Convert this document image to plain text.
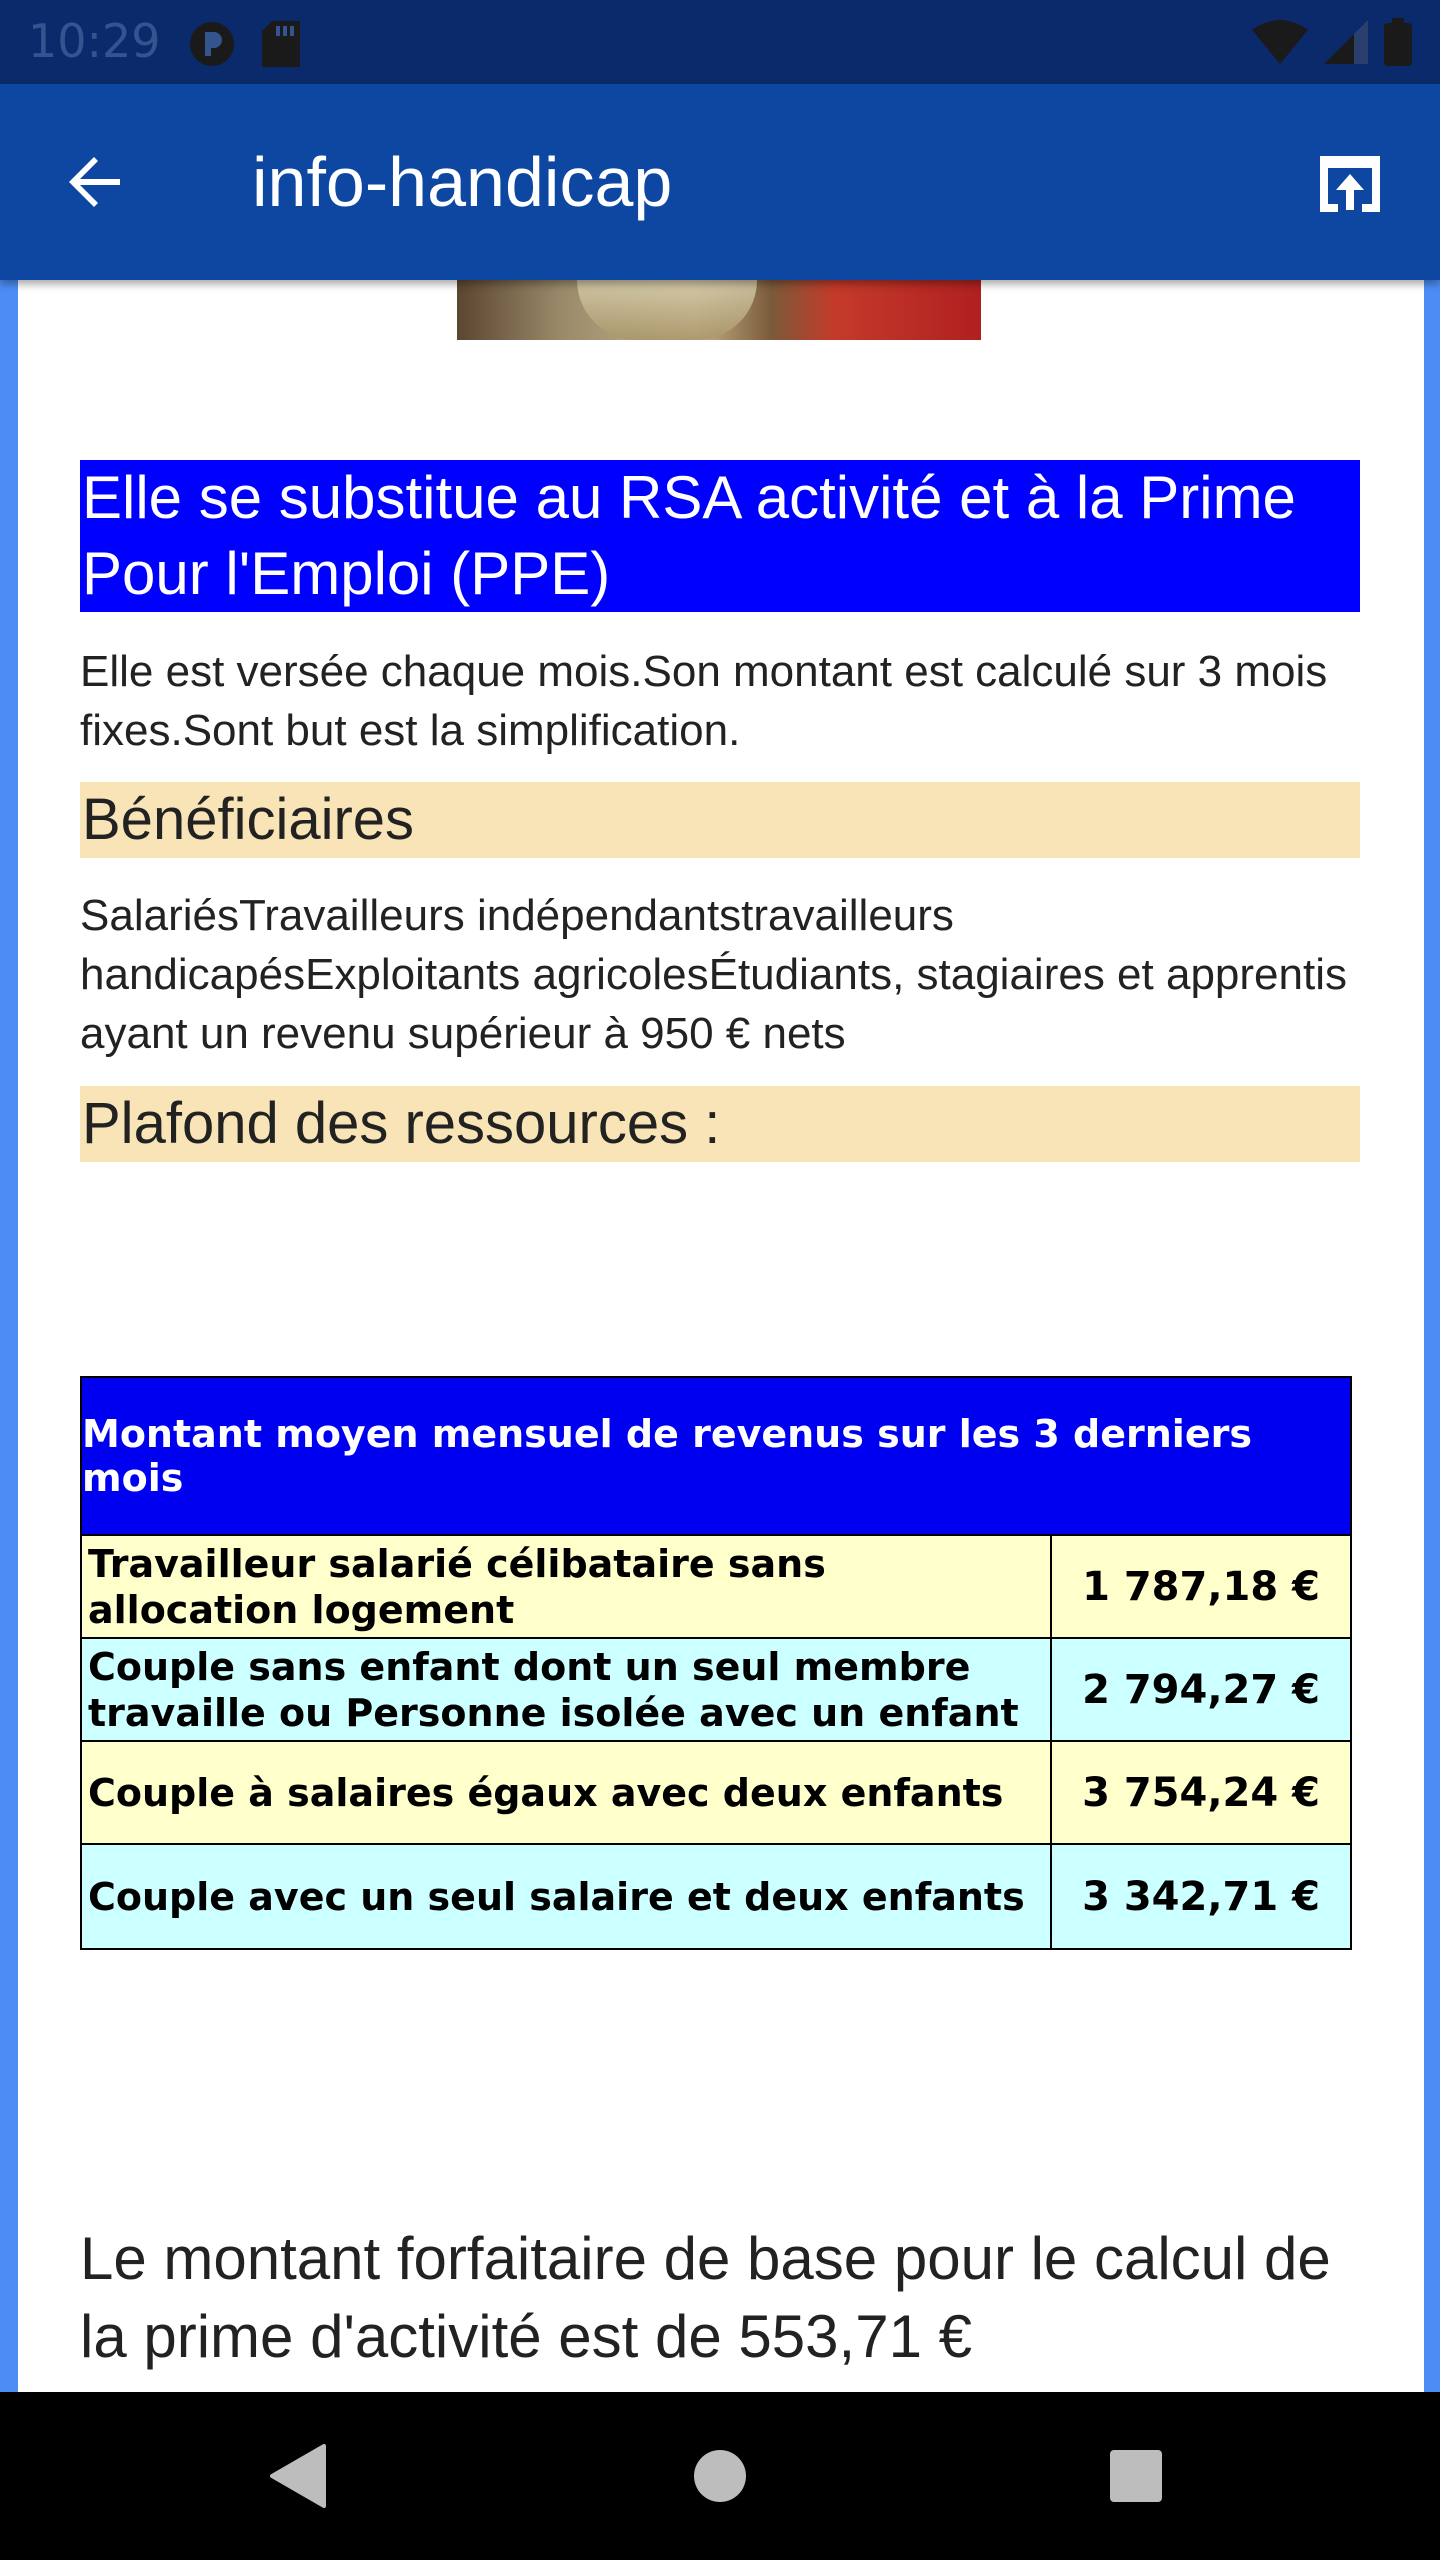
10:29
info-handicap
Elle se substitue au RSA activité et à la Prime Pour l'Emploi (PPE)
Elle est versée chaque mois.Son montant est calculé sur 3 mois fixes.Sont but est la simplification.
Bénéficiaires
SalariésTravailleurs indépendantstravailleurs handicapésExploitants agricolesÉtudiants, stagiaires et apprentis ayant un revenu supérieur à 950 € nets
Plafond des ressources :
Montant moyen mensuel de revenus sur les 3 derniers mois
Travailleur salarié célibataire sans allocation logement	1 787,18 €
Couple sans enfant dont un seul membre travaille ou Personne isolée avec un enfant	2 794,27 €
Couple à salaires égaux avec deux enfants	3 754,24 €
Couple avec un seul salaire et deux enfants	3 342,71 €
Le montant forfaitaire de base pour le calcul de la prime d'activité est de 553,71 €
